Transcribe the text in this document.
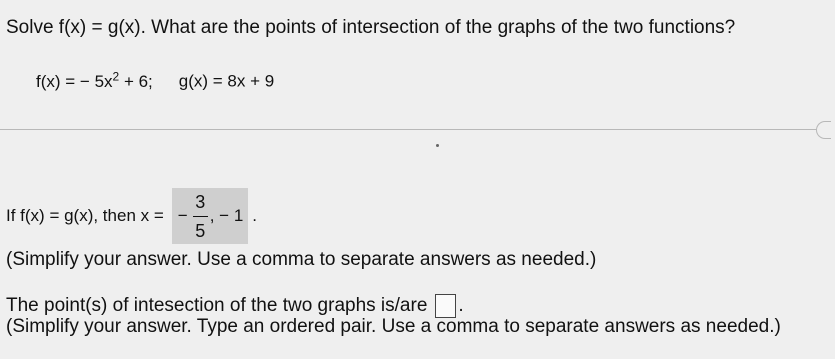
Solve f(x) = g(x). What are the points of intersection of the graphs of the two functions?
f(x) = − $5x^2 + 6$; g(x) = 8x + 9
If f(x) = g(x), then x = − $\frac{3}{5}$ , − 1 .
(Simplify your answer. Use a comma to separate answers as needed.)
The point(s) of intesection of the two graphs is/are .
(Simplify your answer. Type an ordered pair. Use a comma to separate answers as needed.)
